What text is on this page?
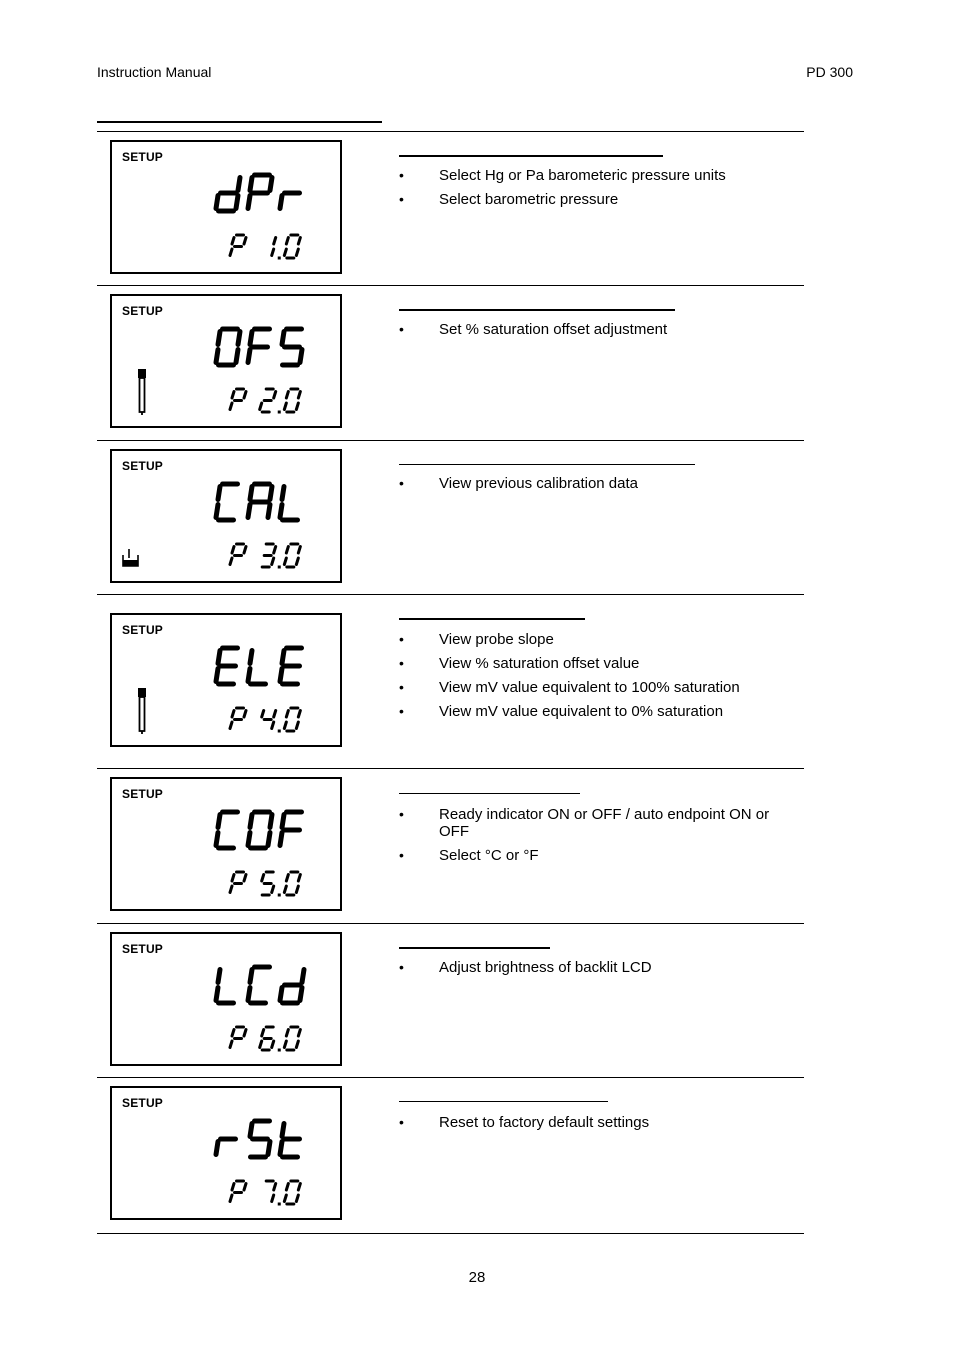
Instruction Manual	PD 300
SETUP
• Select Hg or Pa barometeric pressure units
• Select barometric pressure
SETUP
• Set % saturation offset adjustment
SETUP
• View previous calibration data
SETUP
• View probe slope
• View % saturation offset value
• View mV value equivalent to 100% saturation
• View mV value equivalent to 0% saturation
SETUP
• Ready indicator ON or OFF / auto endpoint ON or OFF
• Select °C or °F
SETUP
• Adjust brightness of backlit LCD
SETUP
• Reset to factory default settings
28
